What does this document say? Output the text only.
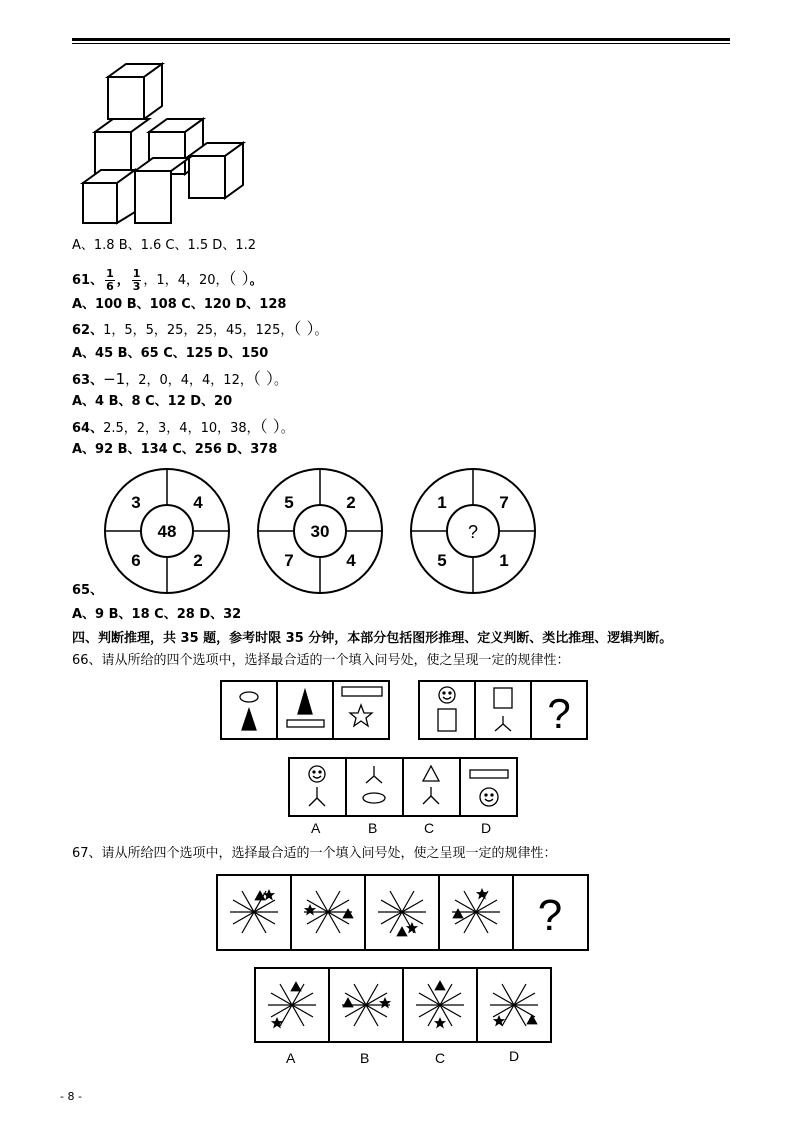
A、1.8 B、1.6 C、1.5 D、1.2
61、 $\frac{1}{6}$ ， $\frac{1}{3}$ ，1，4，20，（ ）。
A、100 B、108 C、120 D、128
62、1，5，5，25，25，45，125，（ ）。
A、45 B、65 C、125 D、150
63、−1，2，0，4，4，12，（ ）。
A、4 B、8 C、12 D、20
64、2.5，2，3，4，10，38，（ ）。
A、92 B、134 C、256 D、378
3	4
6	2
48
5	2
7	4
30
1	7
5	1
?
65、
A、9 B、18 C、28 D、32
四、判断推理，共 35 题，参考时限 35 分钟，本部分包括图形推理、定义判断、类比推理、逻辑判断。
66、请从所给的四个选项中，选择最合适的一个填入问号处，使之呈现一定的规律性：
?
A	B	C	D
67、请从所给四个选项中，选择最合适的一个填入问号处，使之呈现一定的规律性：
?
A	B	C	D
- 8 -
